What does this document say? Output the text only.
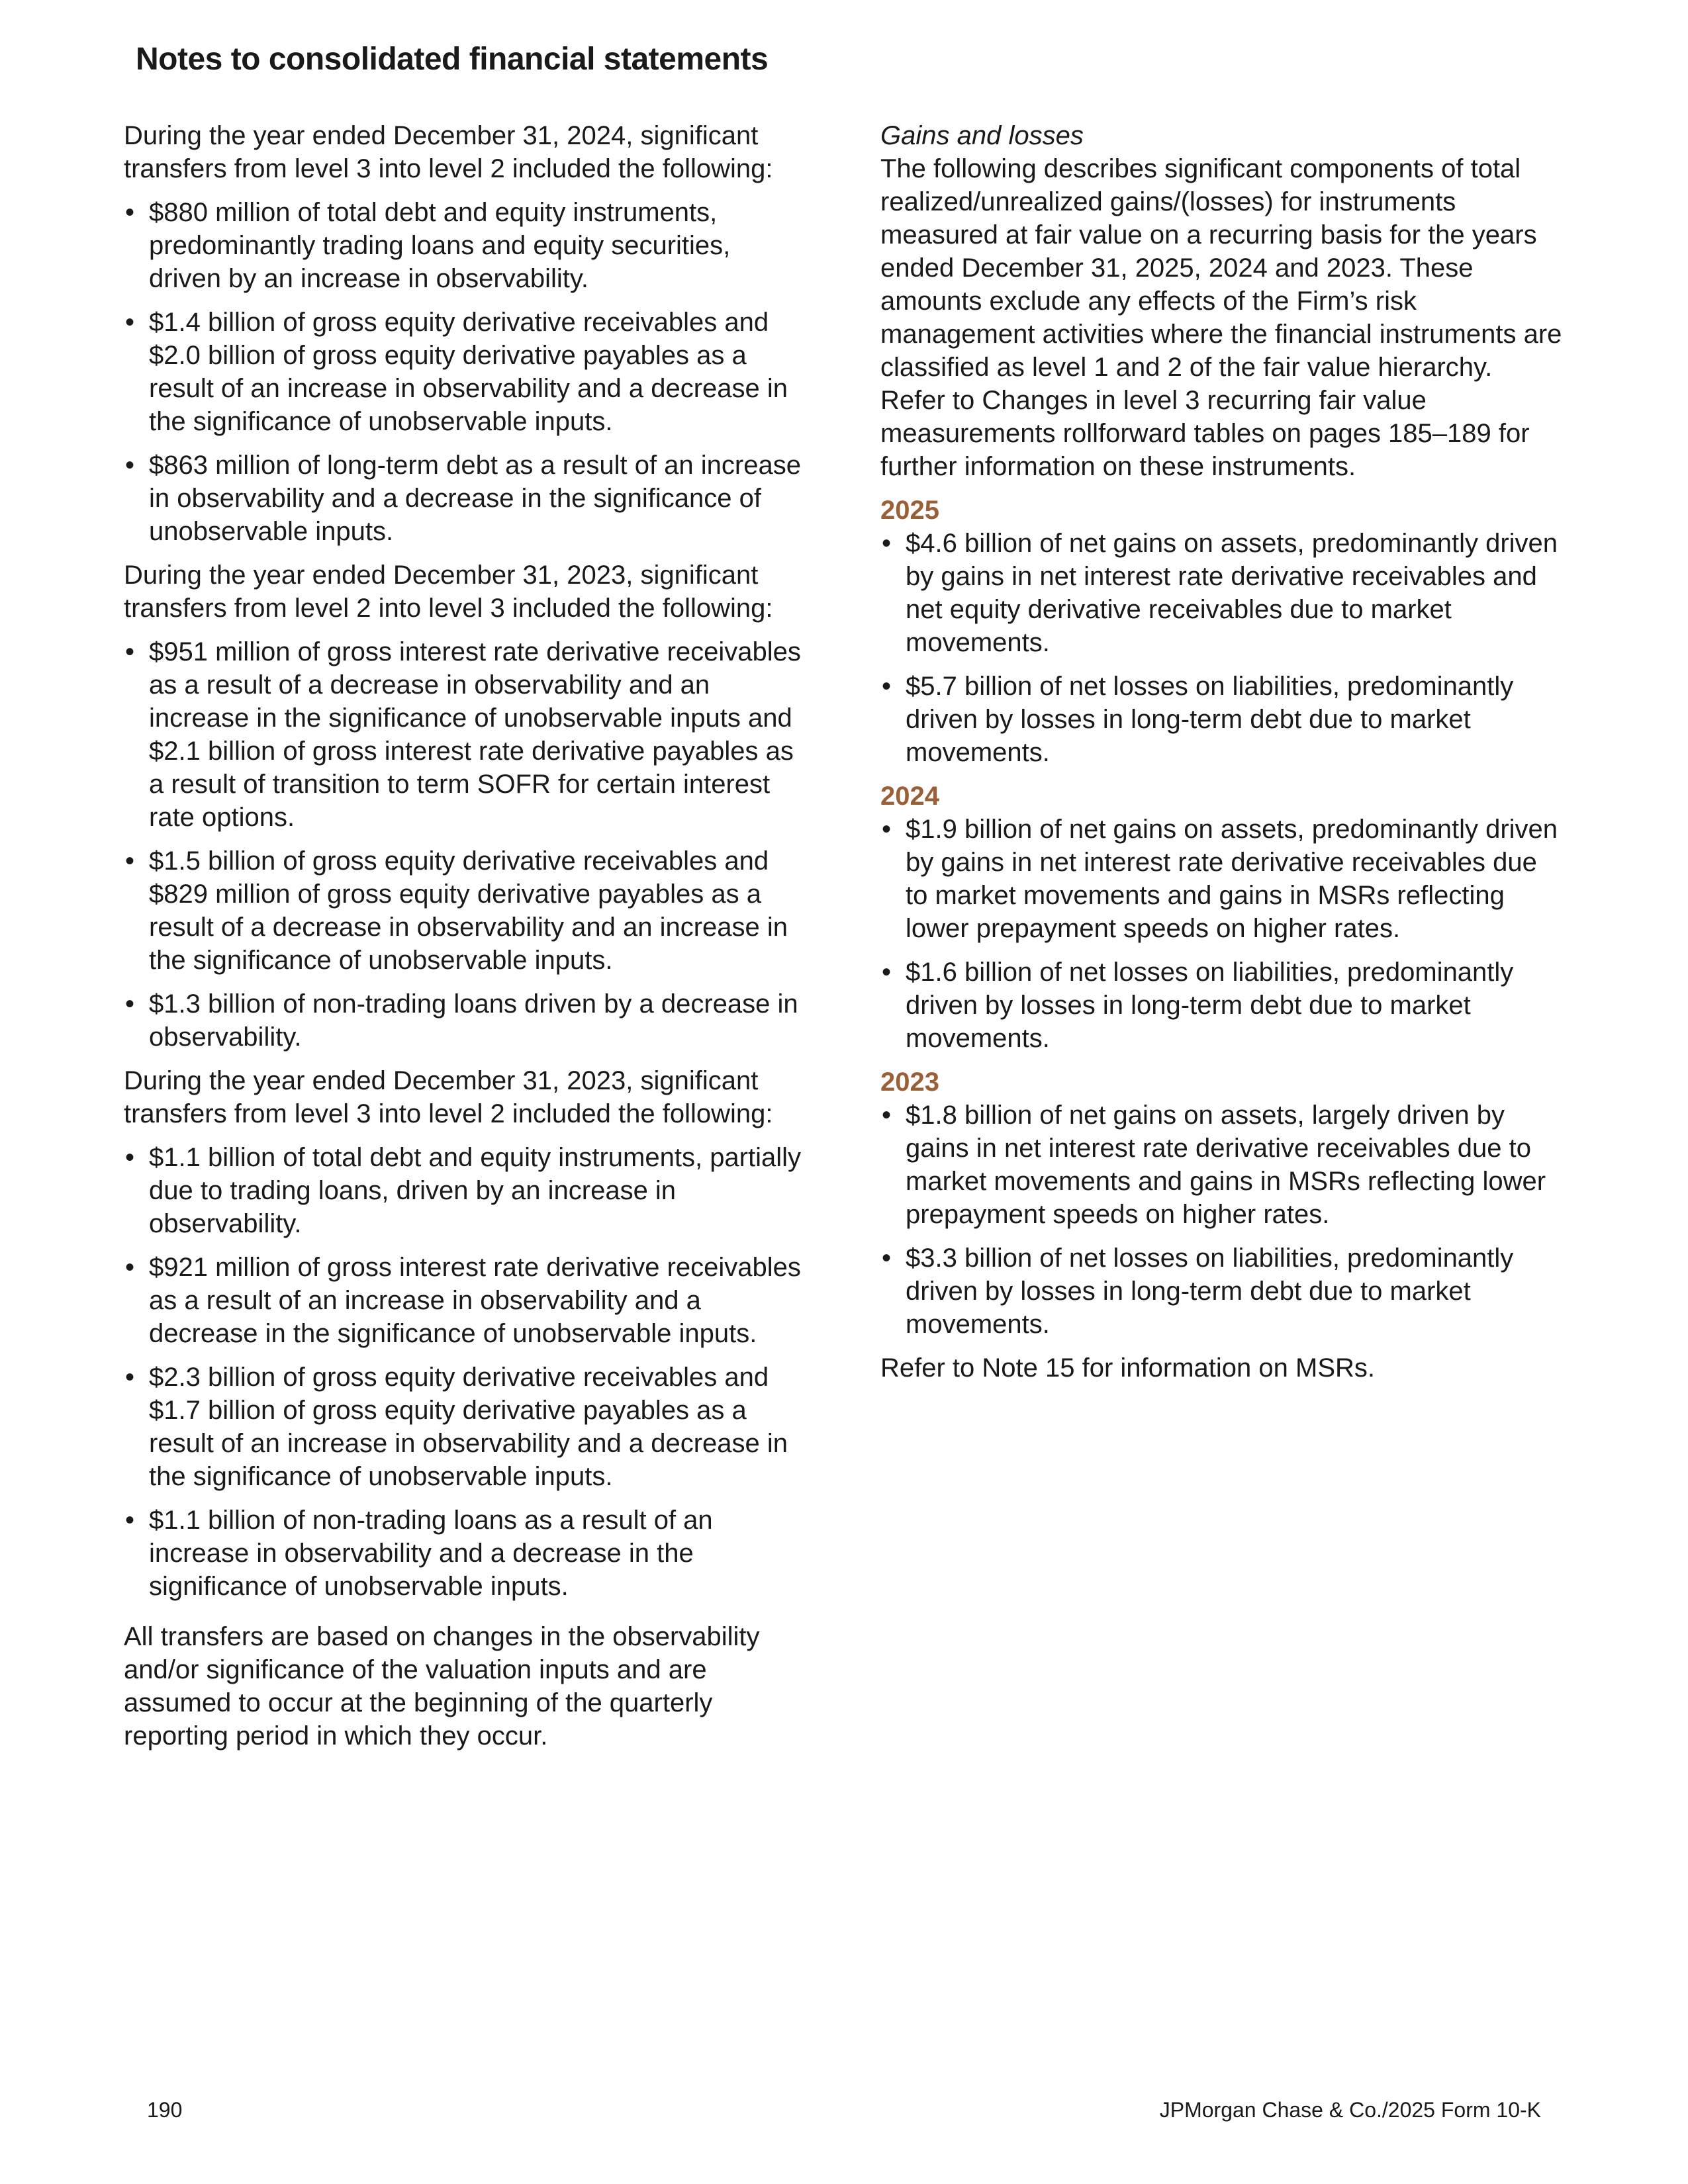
Notes to consolidated financial statements

During the year ended December 31, 2024, significant transfers from level 3 into level 2 included the following:

• $880 million of total debt and equity instruments, predominantly trading loans and equity securities, driven by an increase in observability.
• $1.4 billion of gross equity derivative receivables and $2.0 billion of gross equity derivative payables as a result of an increase in observability and a decrease in the significance of unobservable inputs.
• $863 million of long-term debt as a result of an increase in observability and a decrease in the significance of unobservable inputs.

During the year ended December 31, 2023, significant transfers from level 2 into level 3 included the following:

• $951 million of gross interest rate derivative receivables as a result of a decrease in observability and an increase in the significance of unobservable inputs and $2.1 billion of gross interest rate derivative payables as a result of transition to term SOFR for certain interest rate options.
• $1.5 billion of gross equity derivative receivables and $829 million of gross equity derivative payables as a result of a decrease in observability and an increase in the significance of unobservable inputs.
• $1.3 billion of non-trading loans driven by a decrease in observability.

During the year ended December 31, 2023, significant transfers from level 3 into level 2 included the following:

• $1.1 billion of total debt and equity instruments, partially due to trading loans, driven by an increase in observability.
• $921 million of gross interest rate derivative receivables as a result of an increase in observability and a decrease in the significance of unobservable inputs.
• $2.3 billion of gross equity derivative receivables and $1.7 billion of gross equity derivative payables as a result of an increase in observability and a decrease in the significance of unobservable inputs.
• $1.1 billion of non-trading loans as a result of an increase in observability and a decrease in the significance of unobservable inputs.

All transfers are based on changes in the observability and/or significance of the valuation inputs and are assumed to occur at the beginning of the quarterly reporting period in which they occur.

Gains and losses

The following describes significant components of total realized/unrealized gains/(losses) for instruments measured at fair value on a recurring basis for the years ended December 31, 2025, 2024 and 2023. These amounts exclude any effects of the Firm’s risk management activities where the financial instruments are classified as level 1 and 2 of the fair value hierarchy. Refer to Changes in level 3 recurring fair value measurements rollforward tables on pages 185–189 for further information on these instruments.

2025

• $4.6 billion of net gains on assets, predominantly driven by gains in net interest rate derivative receivables and net equity derivative receivables due to market movements.
• $5.7 billion of net losses on liabilities, predominantly driven by losses in long-term debt due to market movements.

2024

• $1.9 billion of net gains on assets, predominantly driven by gains in net interest rate derivative receivables due to market movements and gains in MSRs reflecting lower prepayment speeds on higher rates.
• $1.6 billion of net losses on liabilities, predominantly driven by losses in long-term debt due to market movements.

2023

• $1.8 billion of net gains on assets, largely driven by gains in net interest rate derivative receivables due to market movements and gains in MSRs reflecting lower prepayment speeds on higher rates.
• $3.3 billion of net losses on liabilities, predominantly driven by losses in long-term debt due to market movements.

Refer to Note 15 for information on MSRs.

190	JPMorgan Chase & Co./2025 Form 10-K
